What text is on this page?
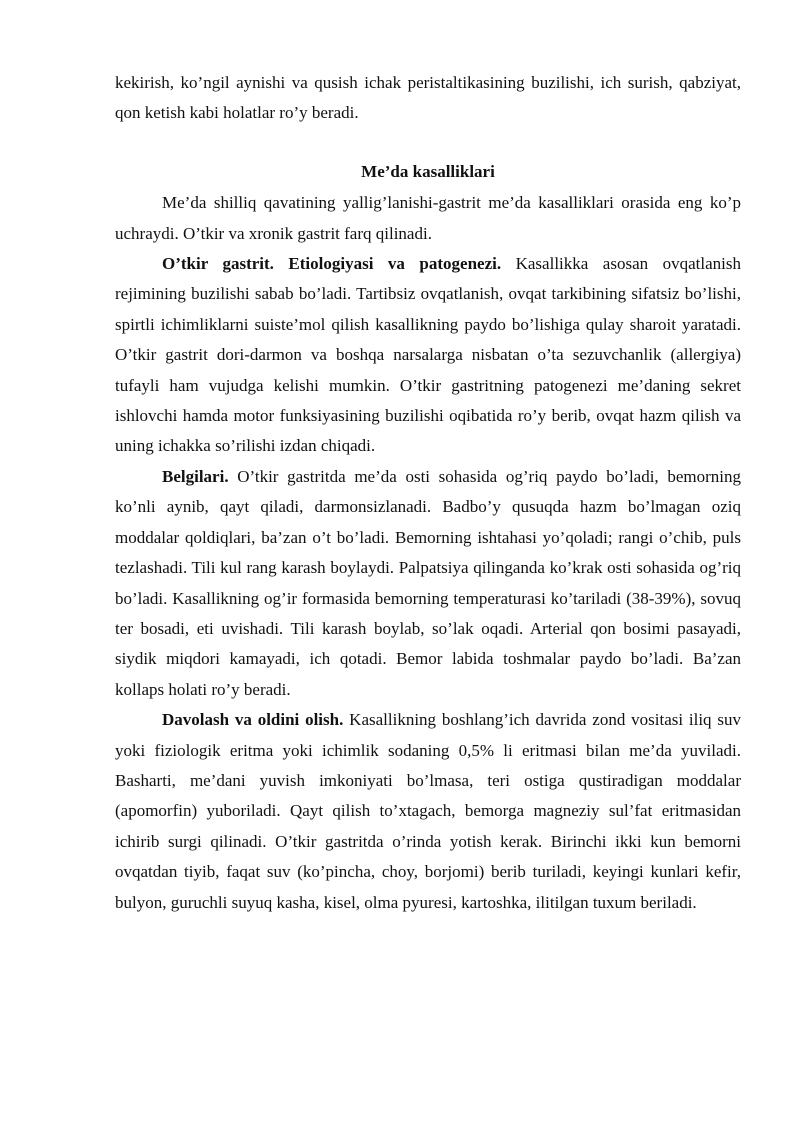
kekirish, ko’ngil aynishi va qusish ichak peristaltikasining buzilishi, ich surish, qabziyat, qon ketish kabi holatlar ro’y beradi.

Me’da kasalliklari

Me’da shilliq qavatining yallig’lanishi-gastrit me’da kasalliklari orasida eng ko’p uchraydi. O’tkir va xronik gastrit farq qilinadi.

O’tkir gastrit. Etiologiyasi va patogenezi. Kasallikka asosan ovqatlanish rejimining buzilishi sabab bo’ladi. Tartibsiz ovqatlanish, ovqat tarkibining sifatsiz bo’lishi, spirtli ichimliklarni suiste’mol qilish kasallikning paydo bo’lishiga qulay sharoit yaratadi. O’tkir gastrit dori-darmon va boshqa narsalarga nisbatan o’ta sezuvchanlik (allergiya) tufayli ham vujudga kelishi mumkin. O’tkir gastritning patogenezi me’daning sekret ishlovchi hamda motor funksiyasining buzilishi oqibatida ro’y berib, ovqat hazm qilish va uning ichakka so’rilishi izdan chiqadi.

Belgilari. O’tkir gastritda me’da osti sohasida og’riq paydo bo’ladi, bemorning ko’nli aynib, qayt qiladi, darmonsizlanadi. Badbo’y qusuqda hazm bo’lmagan oziq moddalar qoldiqlari, ba’zan o’t bo’ladi. Bemorning ishtahasi yo’qoladi; rangi o’chib, puls tezlashadi. Tili kul rang karash boylaydi. Palpatsiya qilinganda ko’krak osti sohasida og’riq bo’ladi. Kasallikning og’ir formasida bemorning temperaturasi ko’tariladi (38-39%), sovuq ter bosadi, eti uvishadi. Tili karash boylab, so’lak oqadi. Arterial qon bosimi pasayadi, siydik miqdori kamayadi, ich qotadi. Bemor labida toshmalar paydo bo’ladi. Ba’zan kollaps holati ro’y beradi.

Davolash va oldini olish. Kasallikning boshlang’ich davrida zond vositasi iliq suv yoki fiziologik eritma yoki ichimlik sodaning 0,5% li eritmasi bilan me’da yuviladi. Basharti, me’dani yuvish imkoniyati bo’lmasa, teri ostiga qustiradigan moddalar (apomorfin) yuboriladi. Qayt qilish to’xtagach, bemorga magneziy sul’fat eritmasidan ichirib surgi qilinadi. O’tkir gastritda o’rinda yotish kerak. Birinchi ikki kun bemorni ovqatdan tiyib, faqat suv (ko’pincha, choy, borjomi) berib turiladi, keyingi kunlari kefir, bulyon, guruchli suyuq kasha, kisel, olma pyuresi, kartoshka, ilitilgan tuxum beriladi.
